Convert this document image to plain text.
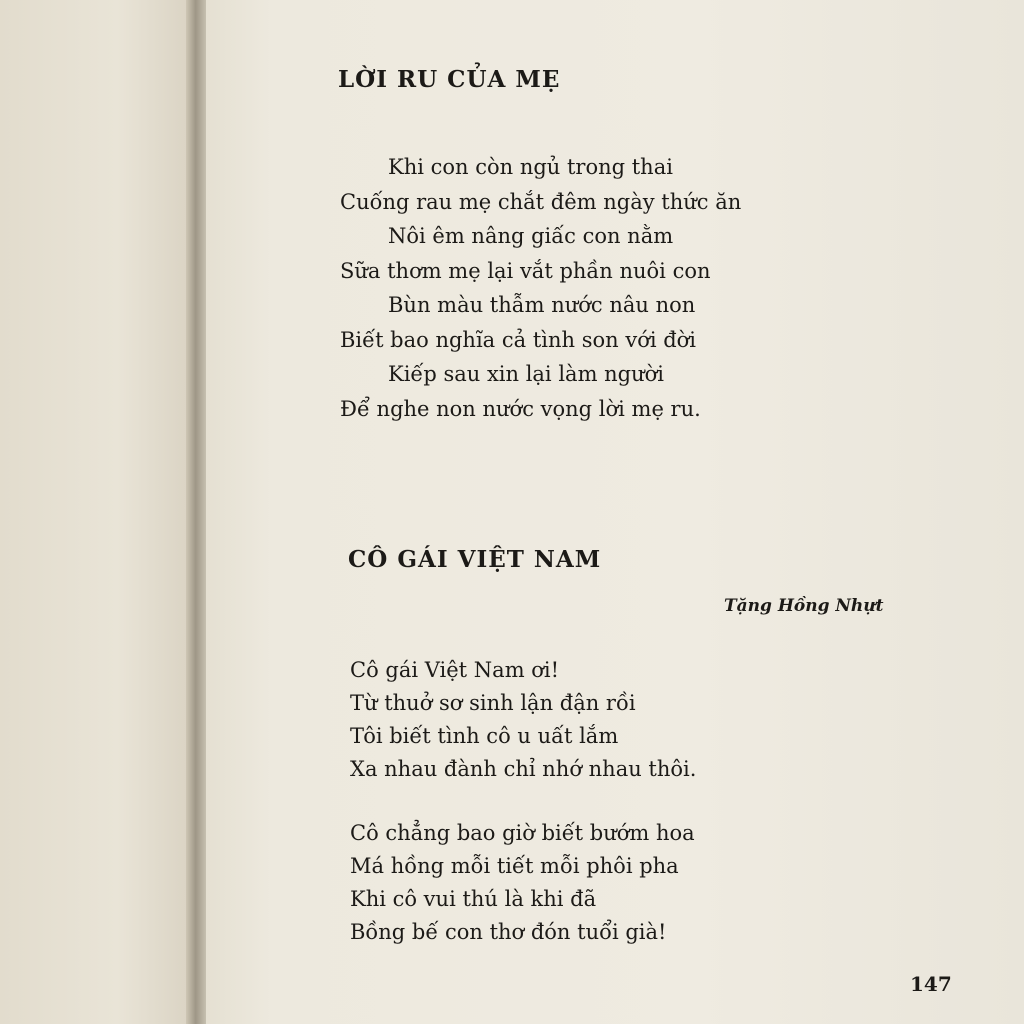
LỜI RU CỦA MẸ
Khi con còn ngủ trong thai
Cuống rau mẹ chắt đêm ngày thức ăn
Nôi êm nâng giấc con nằm
Sữa thơm mẹ lại vắt phần nuôi con
Bùn màu thẫm nước nâu non
Biết bao nghĩa cả tình son với đời
Kiếp sau xin lại làm người
Để nghe non nước vọng lời mẹ ru.
CÔ GÁI VIỆT NAM
Tặng Hồng Nhựt
Cô gái Việt Nam ơi!
Từ thuở sơ sinh lận đận rồi
Tôi biết tình cô u uất lắm
Xa nhau đành chỉ nhớ nhau thôi.
Cô chẳng bao giờ biết bướm hoa
Má hồng mỗi tiết mỗi phôi pha
Khi cô vui thú là khi đã
Bồng bế con thơ đón tuổi già!
147
